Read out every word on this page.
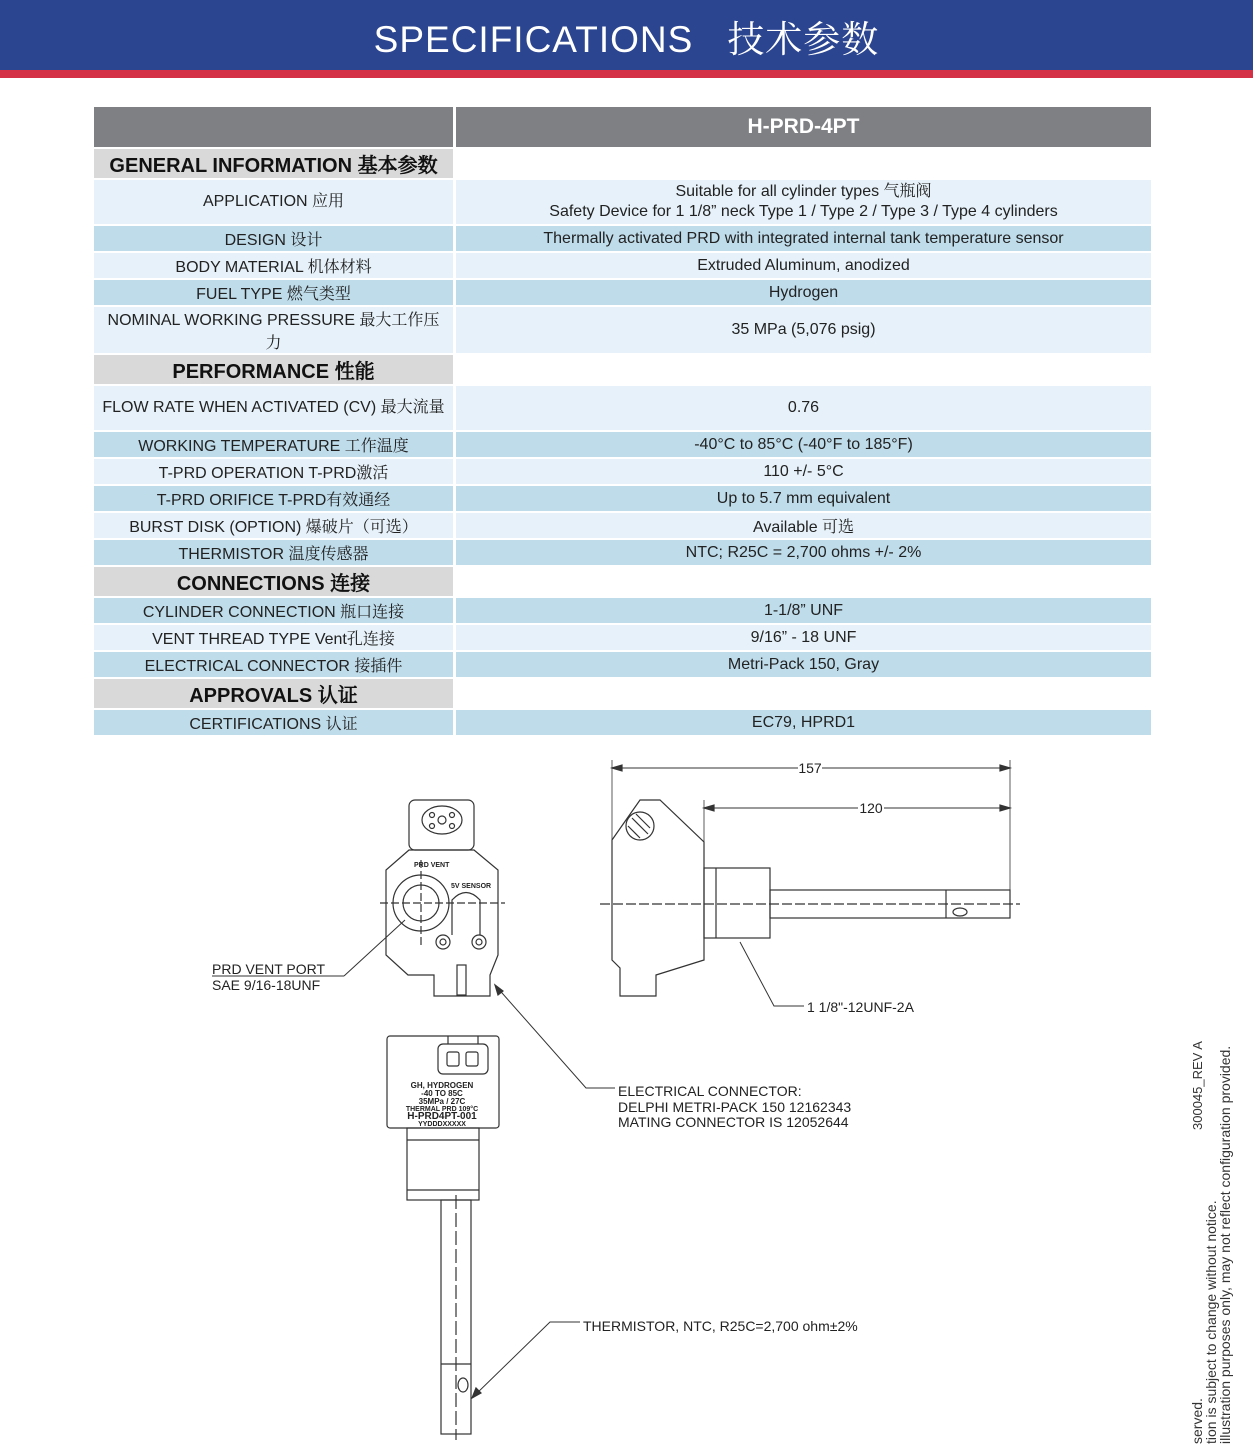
SPECIFICATIONS 技术参数
	H-PRD-4PT
GENERAL INFORMATION 基本参数	
APPLICATION 应用	Suitable for all cylinder types 气瓶阀
Safety Device for 1 1/8” neck Type 1 / Type 2 / Type 3 / Type 4 cylinders

DESIGN 设计	Thermally activated PRD with integrated internal tank temperature sensor
BODY MATERIAL 机体材料	Extruded Aluminum, anodized
FUEL TYPE 燃气类型	Hydrogen
NOMINAL WORKING PRESSURE 最大工作压力	35 MPa (5,076 psig)
PERFORMANCE 性能	
FLOW RATE WHEN ACTIVATED (CV) 最大流量	0.76
WORKING TEMPERATURE 工作温度	-40°C to 85°C (-40°F to 185°F)
T-PRD OPERATION T-PRD激活	110 +/- 5°C
T-PRD ORIFICE T-PRD有效通经	Up to 5.7 mm equivalent
BURST DISK (OPTION) 爆破片（可选）	Available 可选
THERMISTOR 温度传感器	NTC; R25C = 2,700 ohms +/- 2%
CONNECTIONS 连接	
CYLINDER CONNECTION 瓶口连接	1-1/8” UNF
VENT THREAD TYPE Vent孔连接	9/16” - 18 UNF
ELECTRICAL CONNECTOR 接插件	Metri-Pack 150, Gray
APPROVALS 认证	
CERTIFICATIONS 认证	EC79, HPRD1
PRD VENT
5V SENSOR
PRD VENT PORT
SAE 9/16-18UNF
157
120
1 1/8"-12UNF-2A
GH, HYDROGEN
-40 TO 85C
35MPa / 27C
THERMAL PRD 109°C
H-PRD4PT-001
YYDDDXXXXX
ELECTRICAL CONNECTOR:
DELPHI METRI-PACK 150 12162343
MATING CONNECTOR IS 12052644
THERMISTOR, NTC, R25C=2,700 ohm±2%
300045_REV A
served.
tion is subject to change without notice.
illustration purposes only, may not reflect configuration provided.
